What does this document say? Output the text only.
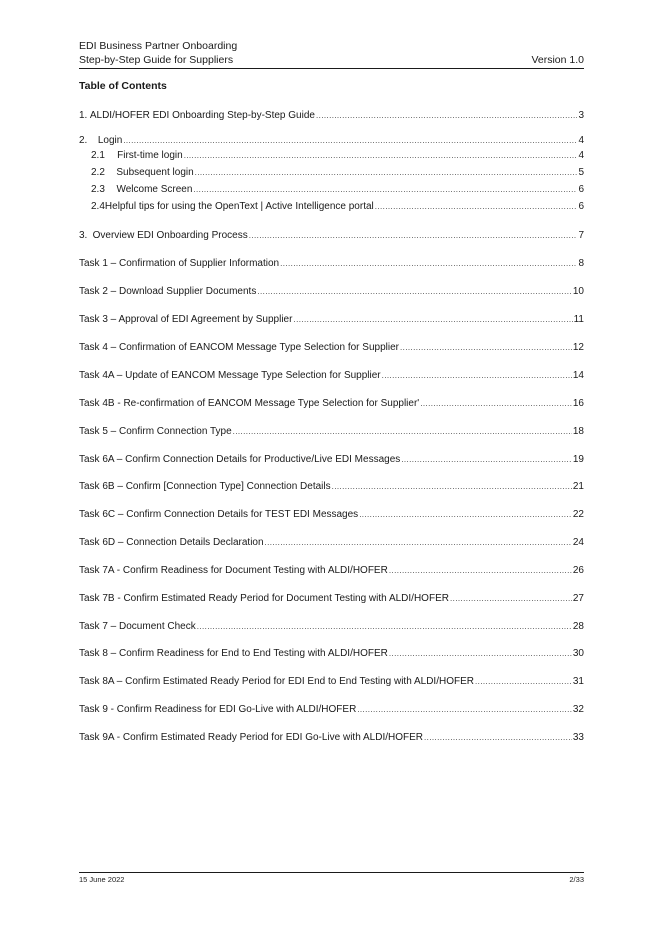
EDI Business Partner Onboarding
Step-by-Step Guide for Suppliers	Version 1.0
Table of Contents
1. ALDI/HOFER EDI Onboarding Step-by-Step Guide .....	3
2.	Login .....	4
2.1	First-time login .....	4
2.2	Subsequent login .....	5
2.3	Welcome Screen .....	6
2.4 Helpful tips for using the OpenText | Active Intelligence portal .....	6
3. Overview EDI Onboarding Process .....	7
Task 1 – Confirmation of Supplier Information .....	8
Task 2 – Download Supplier Documents .....	10
Task 3 – Approval of EDI Agreement by Supplier .....	11
Task 4 – Confirmation of EANCOM Message Type Selection for Supplier .....	12
Task 4A – Update of EANCOM Message Type Selection for Supplier .....	14
Task 4B - Re-confirmation of EANCOM Message Type Selection for Supplier' .....	16
Task 5 – Confirm Connection Type .....	18
Task 6A – Confirm Connection Details for Productive/Live EDI Messages .....	19
Task 6B – Confirm [Connection Type] Connection Details .....	21
Task 6C – Confirm Connection Details for TEST EDI Messages .....	22
Task 6D – Connection Details Declaration .....	24
Task 7A - Confirm Readiness for Document Testing with ALDI/HOFER .....	26
Task 7B - Confirm Estimated Ready Period for Document Testing with ALDI/HOFER .....	27
Task 7 – Document Check .....	28
Task 8 – Confirm Readiness for End to End Testing with ALDI/HOFER .....	30
Task 8A – Confirm Estimated Ready Period for EDI End to End Testing with ALDI/HOFER .....	31
Task 9 - Confirm Readiness for EDI Go-Live with ALDI/HOFER .....	32
Task 9A - Confirm Estimated Ready Period for EDI Go-Live with ALDI/HOFER .....	33
15 June 2022	2/33
